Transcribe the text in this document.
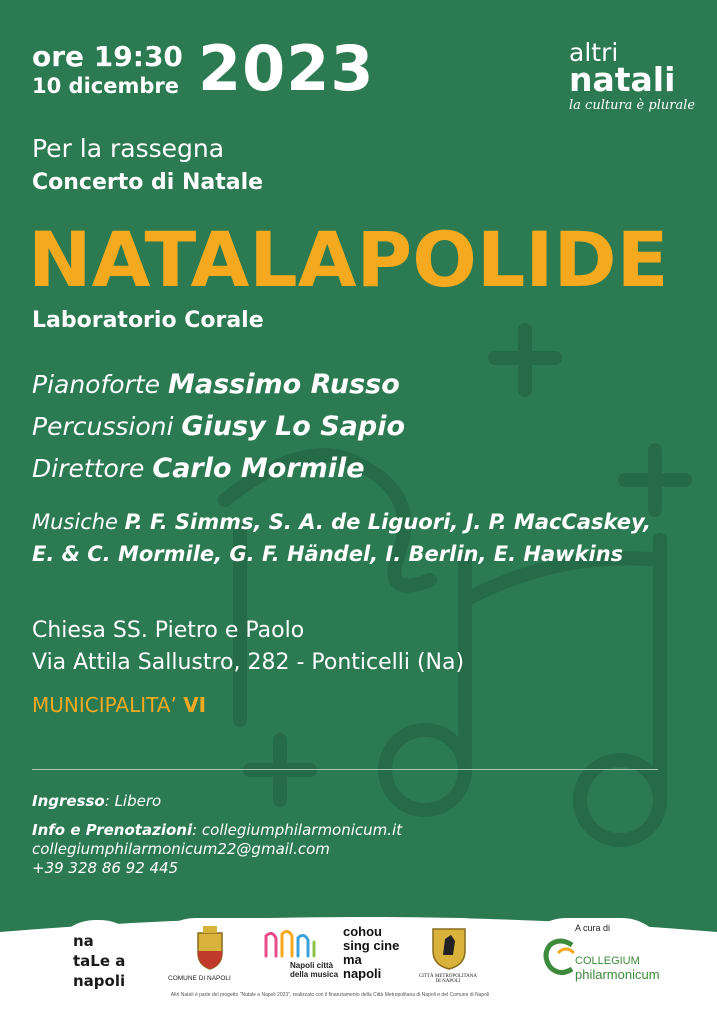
ore 19:30
10 dicembre 2023	altri
natali
la cultura è plurale
Per la rassegna
Concerto di Natale
NATALAPOLIDE
Laboratorio Corale
Pianoforte Massimo Russo
Percussioni Giusy Lo Sapio
Direttore Carlo Mormile
Musiche P. F. Simms, S. A. de Liguori, J. P. MacCaskey,
E. & C. Mormile, G. F. Händel, I. Berlin, E. Hawkins
Chiesa SS. Pietro e Paolo
Via Attila Sallustro, 282 - Ponticelli (Na)
MUNICIPALITA’ VI
Ingresso: Libero
Info e Prenotazioni: collegiumphilarmonicum.it
collegiumphilarmonicum22@gmail.com
+39 328 86 92 445
na
taLe a
napoli	COMUNE DI NAPOLI
Napoli città della musica
cohou sing cine ma napoli	CITTÀ METROPOLITANA DI NAPOLI
Altri Natali è parte del progetto "Natale a Napoli 2023", realizzato con il finanziamento della Città Metropolitana di Napoli e del Comune di Napoli
A cura di
COLLEGIUM
philarmonicum
